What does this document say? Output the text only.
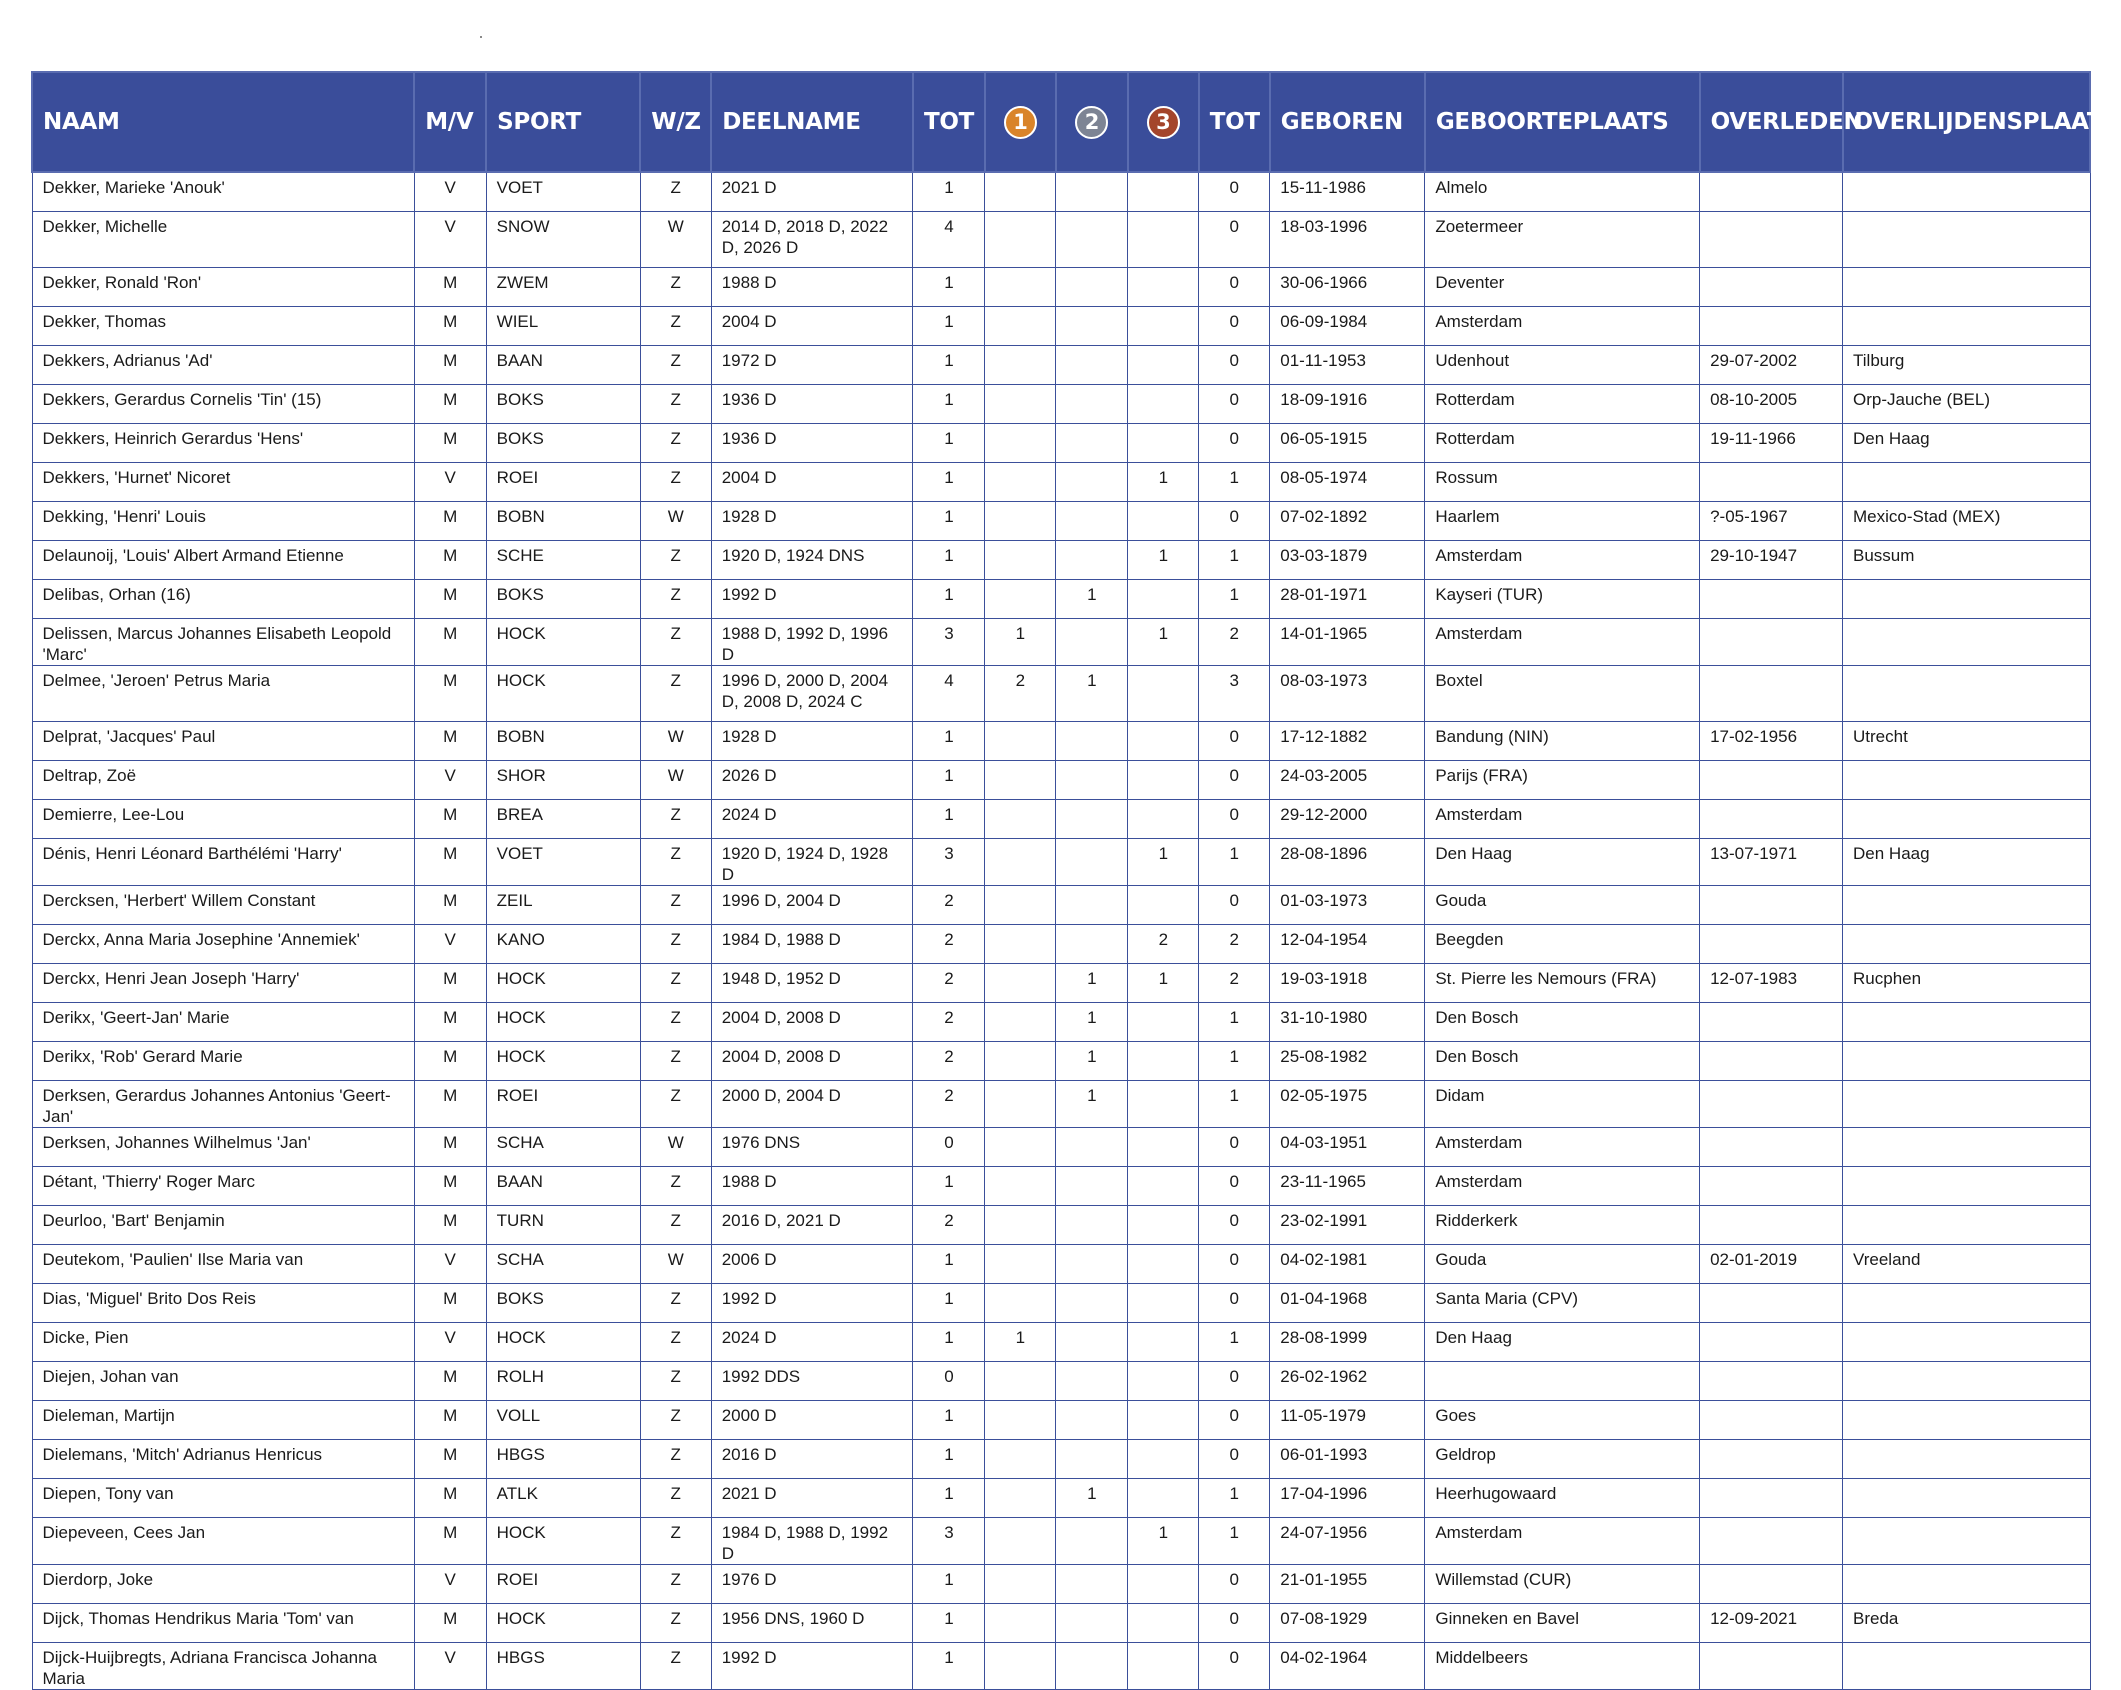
NAAM	M/V	SPORT	W/Z	DEELNAME	TOT	1	2	3	TOT	GEBOREN	GEBOORTEPLAATS	OVERLEDEN	OVERLIJDENSPLAATS
Dekker, Marieke 'Anouk'	V	VOET	Z	2021 D	1				0	15-11-1986	Almelo		
Dekker, Michelle	V	SNOW	W	2014 D, 2018 D, 2022 D, 2026 D	4				0	18-03-1996	Zoetermeer		
Dekker, Ronald 'Ron'	M	ZWEM	Z	1988 D	1				0	30-06-1966	Deventer		
Dekker, Thomas	M	WIEL	Z	2004 D	1				0	06-09-1984	Amsterdam		
Dekkers, Adrianus 'Ad'	M	BAAN	Z	1972 D	1				0	01-11-1953	Udenhout	29-07-2002	Tilburg
Dekkers, Gerardus Cornelis 'Tin' (15)	M	BOKS	Z	1936 D	1				0	18-09-1916	Rotterdam	08-10-2005	Orp-Jauche (BEL)
Dekkers, Heinrich Gerardus 'Hens'	M	BOKS	Z	1936 D	1				0	06-05-1915	Rotterdam	19-11-1966	Den Haag
Dekkers, 'Hurnet' Nicoret	V	ROEI	Z	2004 D	1			1	1	08-05-1974	Rossum		
Dekking, 'Henri' Louis	M	BOBN	W	1928 D	1				0	07-02-1892	Haarlem	?-05-1967	Mexico-Stad (MEX)
Delaunoij, 'Louis' Albert Armand Etienne	M	SCHE	Z	1920 D, 1924 DNS	1			1	1	03-03-1879	Amsterdam	29-10-1947	Bussum
Delibas, Orhan (16)	M	BOKS	Z	1992 D	1		1		1	28-01-1971	Kayseri (TUR)		
Delissen, Marcus Johannes Elisabeth Leopold 'Marc'	M	HOCK	Z	1988 D, 1992 D, 1996 D	3	1		1	2	14-01-1965	Amsterdam		
Delmee, 'Jeroen' Petrus Maria	M	HOCK	Z	1996 D, 2000 D, 2004 D, 2008 D, 2024 C	4	2	1		3	08-03-1973	Boxtel		
Delprat, 'Jacques' Paul	M	BOBN	W	1928 D	1				0	17-12-1882	Bandung (NIN)	17-02-1956	Utrecht
Deltrap, Zoë	V	SHOR	W	2026 D	1				0	24-03-2005	Parijs (FRA)		
Demierre, Lee-Lou	M	BREA	Z	2024 D	1				0	29-12-2000	Amsterdam		
Dénis, Henri Léonard Barthélémi 'Harry'	M	VOET	Z	1920 D, 1924 D, 1928 D	3			1	1	28-08-1896	Den Haag	13-07-1971	Den Haag
Dercksen, 'Herbert' Willem Constant	M	ZEIL	Z	1996 D, 2004 D	2				0	01-03-1973	Gouda		
Derckx, Anna Maria Josephine 'Annemiek'	V	KANO	Z	1984 D, 1988 D	2			2	2	12-04-1954	Beegden		
Derckx, Henri Jean Joseph 'Harry'	M	HOCK	Z	1948 D, 1952 D	2		1	1	2	19-03-1918	St. Pierre les Nemours (FRA)	12-07-1983	Rucphen
Derikx, 'Geert-Jan' Marie	M	HOCK	Z	2004 D, 2008 D	2		1		1	31-10-1980	Den Bosch		
Derikx, 'Rob' Gerard Marie	M	HOCK	Z	2004 D, 2008 D	2		1		1	25-08-1982	Den Bosch		
Derksen, Gerardus Johannes Antonius 'Geert-Jan'	M	ROEI	Z	2000 D, 2004 D	2		1		1	02-05-1975	Didam		
Derksen, Johannes Wilhelmus 'Jan'	M	SCHA	W	1976 DNS	0				0	04-03-1951	Amsterdam		
Détant, 'Thierry' Roger Marc	M	BAAN	Z	1988 D	1				0	23-11-1965	Amsterdam		
Deurloo, 'Bart' Benjamin	M	TURN	Z	2016 D, 2021 D	2				0	23-02-1991	Ridderkerk		
Deutekom, 'Paulien' Ilse Maria van	V	SCHA	W	2006 D	1				0	04-02-1981	Gouda	02-01-2019	Vreeland
Dias, 'Miguel' Brito Dos Reis	M	BOKS	Z	1992 D	1				0	01-04-1968	Santa Maria (CPV)		
Dicke, Pien	V	HOCK	Z	2024 D	1	1			1	28-08-1999	Den Haag		
Diejen, Johan van	M	ROLH	Z	1992 DDS	0				0	26-02-1962			
Dieleman, Martijn	M	VOLL	Z	2000 D	1				0	11-05-1979	Goes		
Dielemans, 'Mitch' Adrianus Henricus	M	HBGS	Z	2016 D	1				0	06-01-1993	Geldrop		
Diepen, Tony van	M	ATLK	Z	2021 D	1		1		1	17-04-1996	Heerhugowaard		
Diepeveen, Cees Jan	M	HOCK	Z	1984 D, 1988 D, 1992 D	3			1	1	24-07-1956	Amsterdam		
Dierdorp, Joke	V	ROEI	Z	1976 D	1				0	21-01-1955	Willemstad (CUR)		
Dijck, Thomas Hendrikus Maria 'Tom' van	M	HOCK	Z	1956 DNS, 1960 D	1				0	07-08-1929	Ginneken en Bavel	12-09-2021	Breda
Dijck-Huijbregts, Adriana Francisca Johanna Maria	V	HBGS	Z	1992 D	1				0	04-02-1964	Middelbeers		
